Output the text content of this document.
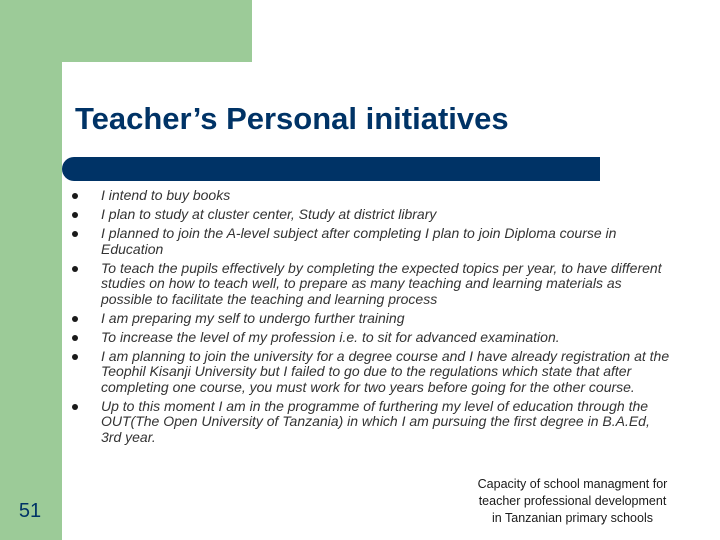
Teacher’s Personal initiatives
I intend to buy books
I plan to study at cluster center, Study at district library
I planned to join the A-level subject after completing I plan to join Diploma course in Education
To teach the pupils effectively by completing the expected topics per year, to have different studies on how to teach well, to prepare as many teaching and learning materials as possible to facilitate the teaching and learning process
I am preparing my self to undergo further training
To increase the level of my profession i.e. to sit for advanced examination.
I am planning to join the university for a degree course and I have already registration at the Teophil Kisanji University but I failed to go due to the regulations which state that after completing one course, you must work for two years before going for the other course.
Up to this moment I am in the programme of furthering my level of education through the OUT(The Open University of Tanzania) in which I am pursuing the first degree in B.A.Ed, 3rd year.
51
Capacity of school managment for
teacher professional development
in Tanzanian primary schools
